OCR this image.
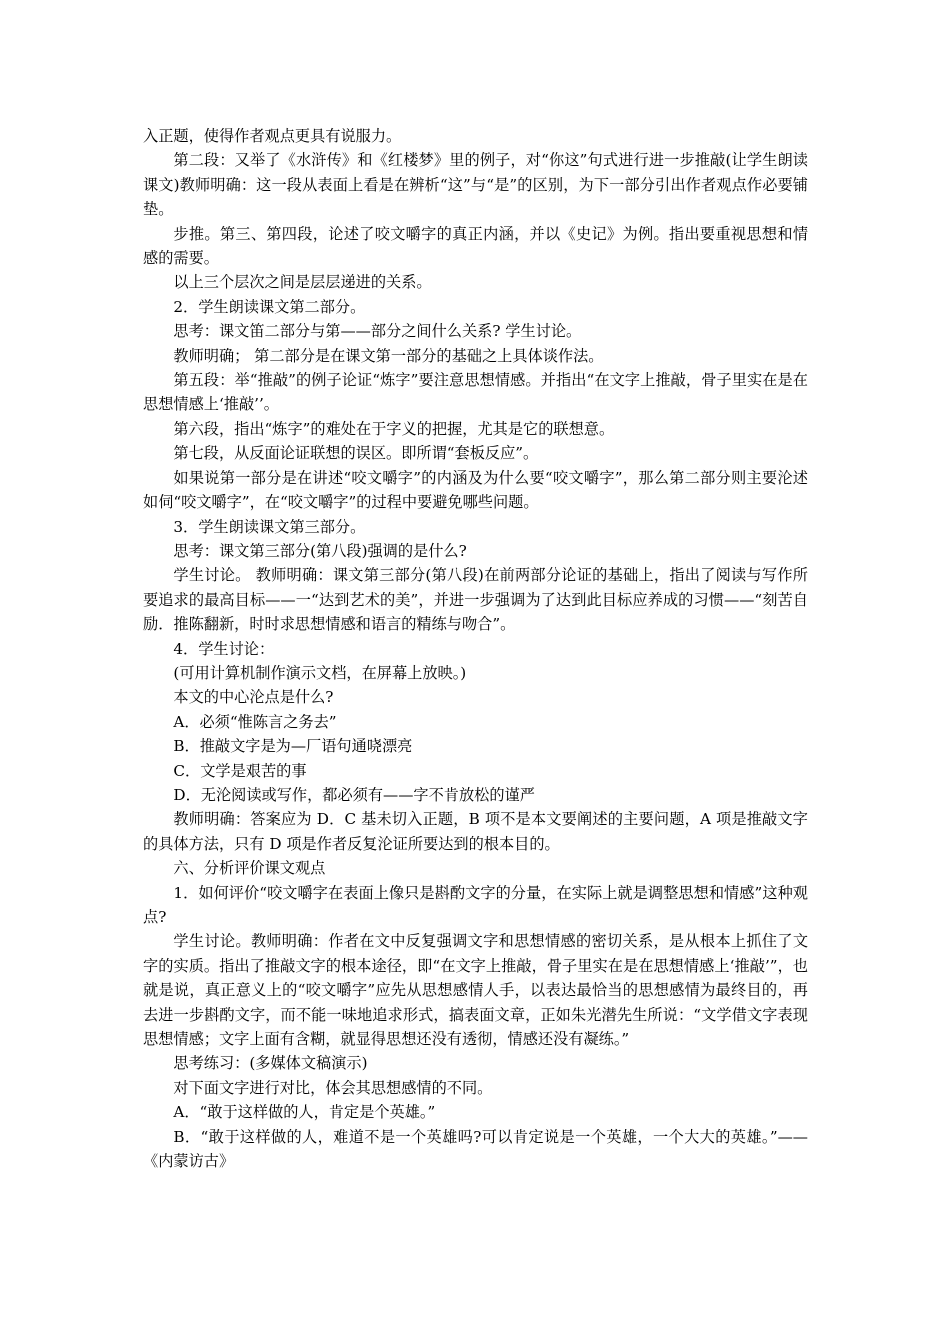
入正题，使得作者观点更具有说服力。

第二段：又举了《水浒传》和《红楼梦》里的例子，对“你这”句式进行进一步推敲(让学生朗读课文)教师明确：这一段从表面上看是在辨析“这”与“是”的区别，为下一部分引出作者观点作必要铺垫。

步推。第三、第四段，论述了咬文嚼字的真正内涵，并以《史记》为例。指出要重视思想和情感的需要。

以上三个层次之间是层层递进的关系。

2．学生朗读课文第二部分。

思考：课文笛二部分与第——部分之间什么关系? 学生讨论。

教师明确； 第二部分是在课文第一部分的基础之上具体谈作法。

第五段：举“推敲”的例子论证“炼字”要注意思想情感。并指出“在文字上推敲，骨子里实在是在思想情感上‘推敲’’。

第六段，指出“炼字”的难处在于字义的把握，尤其是它的联想意。

第七段，从反面论证联想的误区。即所谓“套板反应”。

如果说第一部分是在讲述“咬文嚼字”的内涵及为什么要“咬文嚼字”，那么第二部分则主要沦述如伺“咬文嚼字”，在“咬文嚼字”的过程中要避免哪些问题。

3．学生朗读课文第三部分。

思考：课文第三部分(第八段)强调的是什么?

学生讨论。 教师明确：课文第三部分(第八段)在前两部分论证的基础上，指出了阅读与写作所要追求的最高目标——一“达到艺术的美”，并进一步强调为了达到此目标应养成的习惯——“刻苦自励．推陈翻新，时时求思想情感和语言的精练与吻合”。

4．学生讨论：

(可用计算机制作演示文档，在屏幕上放映。)

本文的中心沦点是什么?

A．必须“惟陈言之务去”

B．推敲文字是为—厂语句通哓漂亮

C．文学是艰苦的事

D．无沦阅读或写作，都必须有——字不肯放松的谨严

教师明确：答案应为 D．C 基未切入正题，B 项不是本文要阐述的主要问题，A 项是推敲文字的具体方法，只有 D 项是作者反复沦证所要达到的根本目的。

六、分析评价课文观点

1．如何评价“咬文嚼字在表面上像只是斟酌文字的分量，在实际上就是调整思想和情感”这种观点?

学生讨论。教师明确：作者在文中反复强调文字和思想情感的密切关系，是从根本上抓住了文字的实质。指出了推敲文字的根本途径，即“在文字上推敲，骨子里实在是在思想情感上‘推敲’”，也就是说，真正意义上的“咬文嚼字”应先从思想感情人手，以表达最恰当的思想感情为最终目的，再去进一步斟酌文字，而不能一味地追求形式，搞表面文章，正如朱光潜先生所说：“文学借文字表现思想情感；文字上面有含糊，就显得思想还没有透彻，情感还没有凝练。”

思考练习：(多媒体文稿演示)

对下面文字进行对比，体会其思想感情的不同。

A．“敢于这样做的人，肯定是个英雄。”

B．“敢于这样做的人，难道不是一个英雄吗?可以肯定说是一个英雄，一个大大的英雄。”——《内蒙访古》
